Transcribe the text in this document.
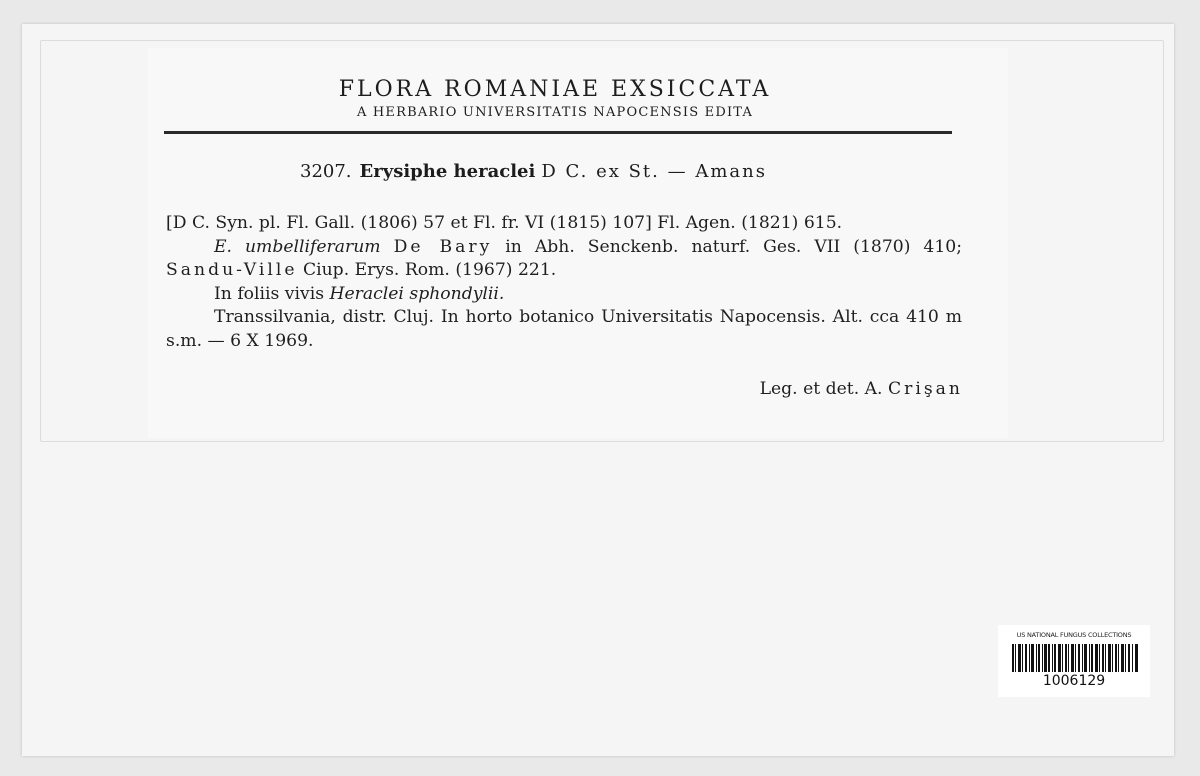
FLORA ROMANIAE EXSICCATA

A HERBARIO UNIVERSITATIS NAPOCENSIS EDITA

3207. Erysiphe heraclei D C. ex St. — Amans

[D C. Syn. pl. Fl. Gall. (1806) 57 et Fl. fr. VI (1815) 107] Fl. Agen. (1821) 615.

E. umbelliferarum De Bary in Abh. Senckenb. naturf. Ges. VII (1870) 410; Sandu-Ville Ciup. Erys. Rom. (1967) 221.

In foliis vivis Heraclei sphondylii.

Transsilvania, distr. Cluj. In horto botanico Universitatis Napocensis. Alt. cca 410 m s.m. — 6 X 1969.

Leg. et det. A. Crişan
US NATIONAL FUNGUS COLLECTIONS
1006129
